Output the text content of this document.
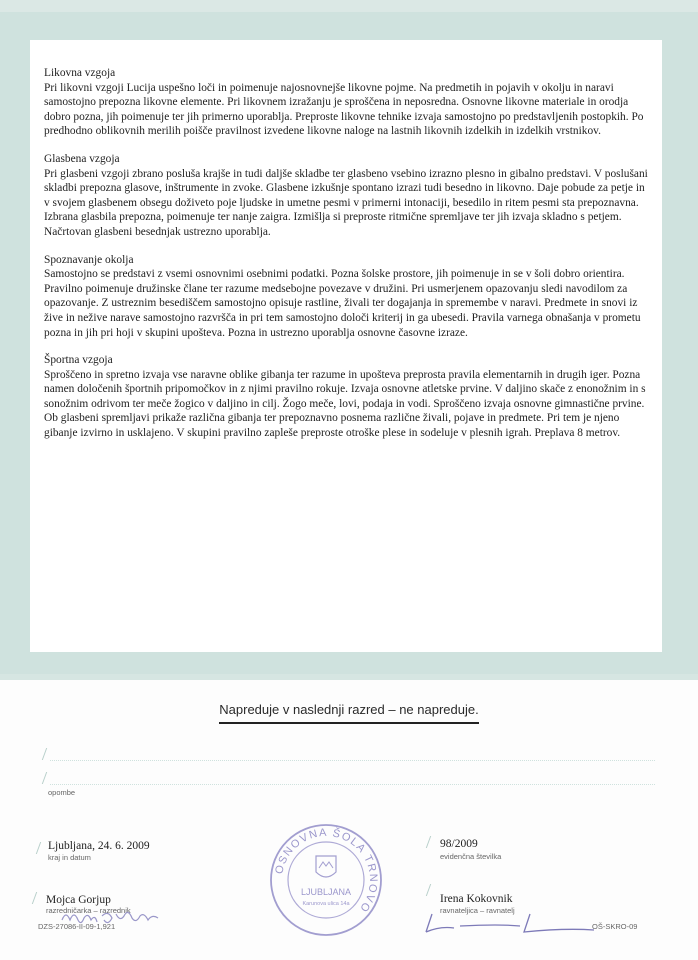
Likovna vzgoja

Pri likovni vzgoji Lucija uspešno loči in poimenuje najosnovnejše likovne pojme. Na predmetih in pojavih v okolju in naravi samostojno prepozna likovne elemente. Pri likovnem izražanju je sproščena in neposredna. Osnovne likovne materiale in orodja dobro pozna, jih poimenuje ter jih primerno uporablja. Preproste likovne tehnike izvaja samostojno po predstavljenih postopkih. Po predhodno oblikovnih merilih poišče pravilnost izvedene likovne naloge na lastnih likovnih izdelkih in izdelkih vrstnikov.

Glasbena vzgoja

Pri glasbeni vzgoji zbrano posluša krajše in tudi daljše skladbe ter glasbeno vsebino izrazno plesno in gibalno predstavi. V poslušani skladbi prepozna glasove, inštrumente in zvoke. Glasbene izkušnje spontano izrazi tudi besedno in likovno. Daje pobude za petje in v svojem glasbenem obsegu doživeto poje ljudske in umetne pesmi v primerni intonaciji, besedilo in ritem pesmi sta prepoznavna. Izbrana glasbila prepozna, poimenuje ter nanje zaigra. Izmišlja si preproste ritmične spremljave ter jih izvaja skladno s petjem. Načrtovan glasbeni besednjak ustrezno uporablja.

Spoznavanje okolja

Samostojno se predstavi z vsemi osnovnimi osebnimi podatki. Pozna šolske prostore, jih poimenuje in se v šoli dobro orientira. Pravilno poimenuje družinske člane ter razume medsebojne povezave v družini. Pri usmerjenem opazovanju sledi navodilom za opazovanje. Z ustreznim besediščem samostojno opisuje rastline, živali ter dogajanja in spremembe v naravi. Predmete in snovi iz žive in nežive narave samostojno razvršča in pri tem samostojno določi kriterij in ga ubesedi. Pravila varnega obnašanja v prometu pozna in jih pri hoji v skupini upošteva. Pozna in ustrezno uporablja osnovne časovne izraze.

Športna vzgoja

Sproščeno in spretno izvaja vse naravne oblike gibanja ter razume in upošteva preprosta pravila elementarnih in drugih iger. Pozna namen določenih športnih pripomočkov in z njimi pravilno rokuje. Izvaja osnovne atletske prvine. V daljino skače z enonožnim in s sonožnim odrivom ter meče žogico v daljino in cilj. Žogo meče, lovi, podaja in vodi. Sproščeno izvaja osnovne gimnastične prvine. Ob glasbeni spremljavi prikaže različna gibanja ter prepoznavno posnema različne živali, pojave in predmete. Pri tem je njeno gibanje izvirno in usklajeno. V skupini pravilno zapleše preproste otroške plese in sodeluje v plesnih igrah. Preplava 8 metrov.

Napreduje v naslednji razred – ne napreduje.
opombe
Ljubljana, 24. 6. 2009
kraj in datum
98/2009
evidenčna številka
OSNOVNA ŠOLA TRNOVO
LJUBLJANA
Karunova ulica 14a
Mojca Gorjup
razredničarka – razrednik
Irena Kokovnik
ravnateljica – ravnatelj
DZS-27086-II-09-1,921	OŠ-SKRO-09
